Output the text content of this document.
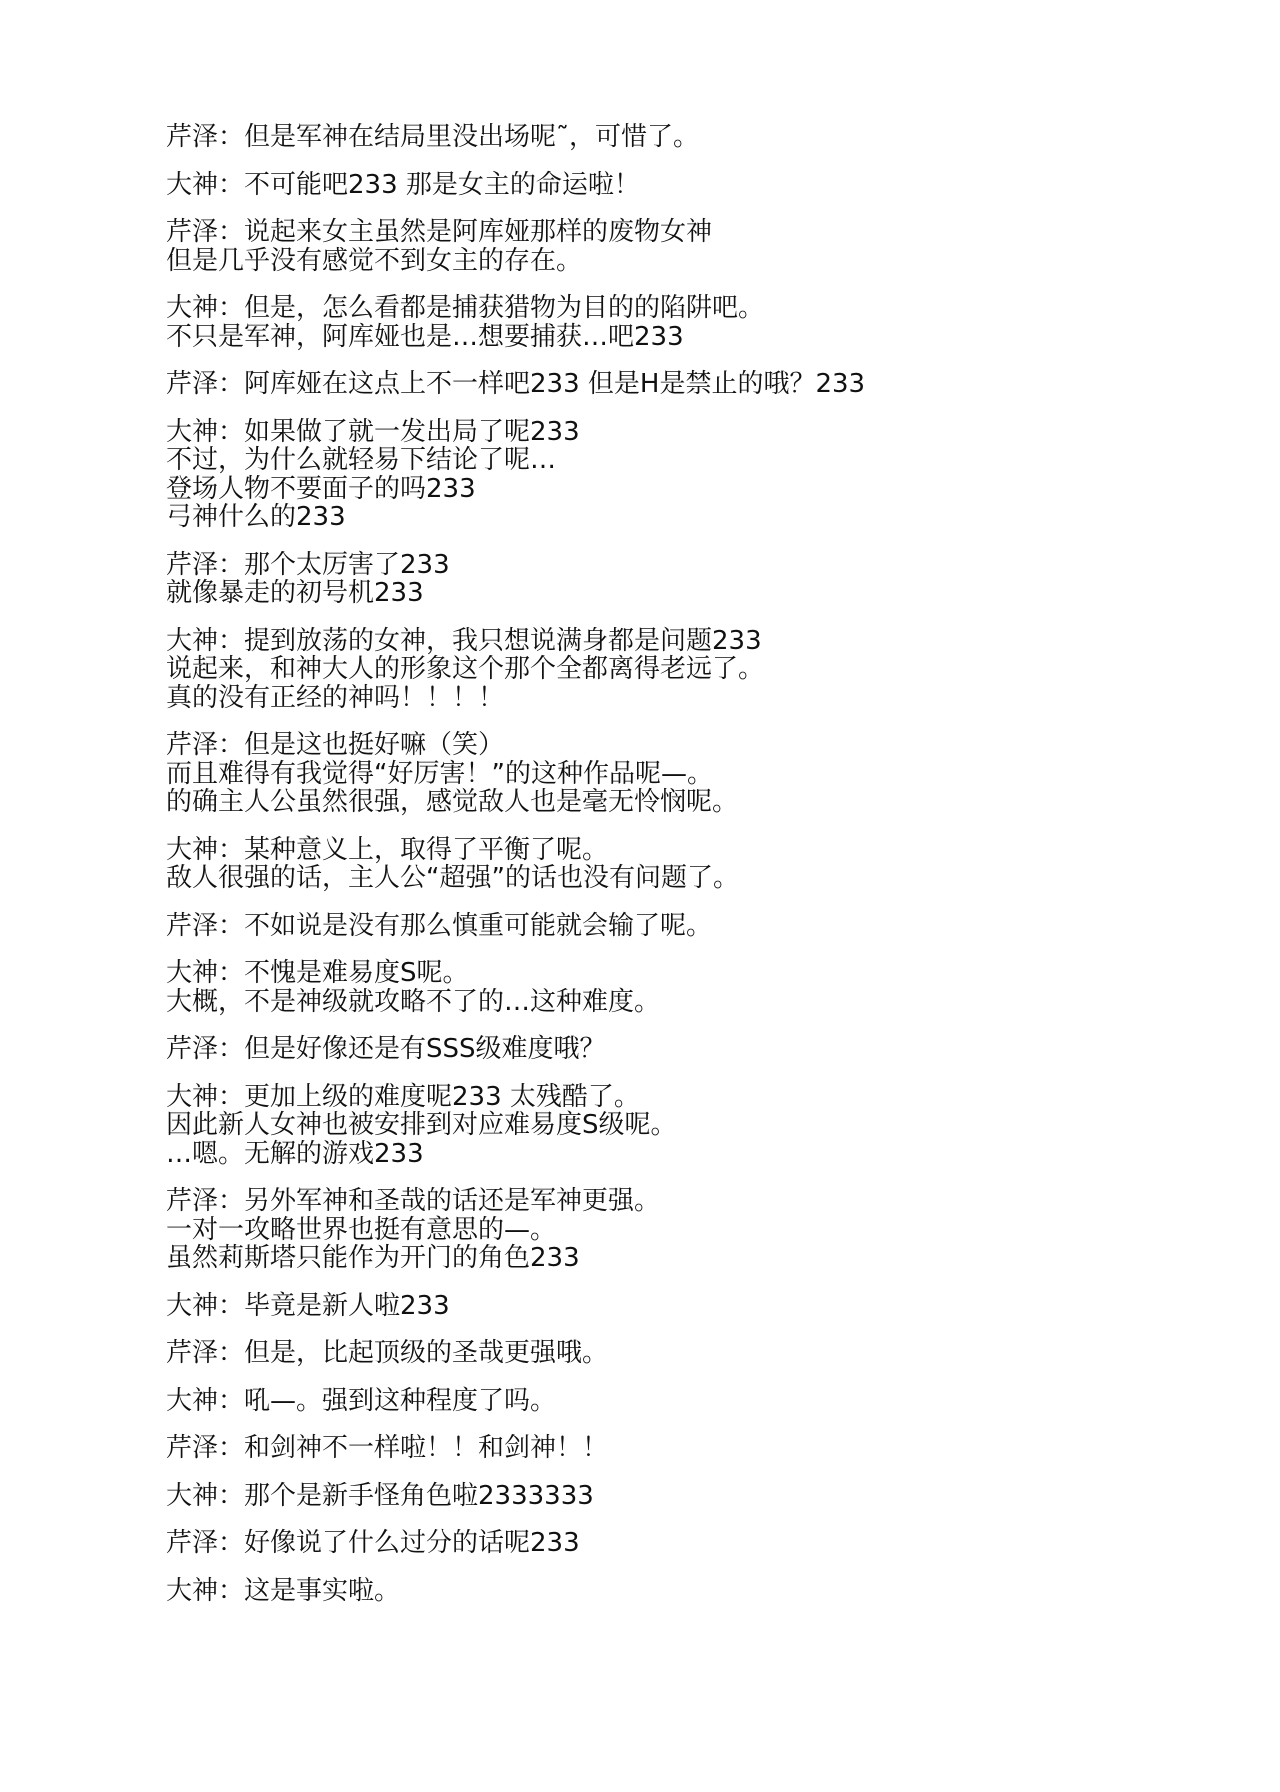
芹泽：但是军神在结局里没出场呢˜，可惜了。
大神：不可能吧233 那是女主的命运啦！
芹泽：说起来女主虽然是阿库娅那样的废物女神
但是几乎没有感觉不到女主的存在。
大神：但是，怎么看都是捕获猎物为目的的陷阱吧。
不只是军神，阿库娅也是…想要捕获…吧233
芹泽：阿库娅在这点上不一样吧233 但是H是禁止的哦？233
大神：如果做了就一发出局了呢233
不过，为什么就轻易下结论了呢…
登场人物不要面子的吗233
弓神什么的233
芹泽：那个太厉害了233
就像暴走的初号机233
大神：提到放荡的女神，我只想说满身都是问题233
说起来，和神大人的形象这个那个全都离得老远了。
真的没有正经的神吗！！！！
芹泽：但是这也挺好嘛（笑）
而且难得有我觉得“好厉害！”的这种作品呢—。
的确主人公虽然很强，感觉敌人也是毫无怜悯呢。
大神：某种意义上，取得了平衡了呢。
敌人很强的话，主人公“超强”的话也没有问题了。
芹泽：不如说是没有那么慎重可能就会输了呢。
大神：不愧是难易度S呢。
大概，不是神级就攻略不了的…这种难度。
芹泽：但是好像还是有SSS级难度哦？
大神：更加上级的难度呢233 太残酷了。
因此新人女神也被安排到对应难易度S级呢。
…嗯。无解的游戏233
芹泽：另外军神和圣哉的话还是军神更强。
一对一攻略世界也挺有意思的—。
虽然莉斯塔只能作为开门的角色233
大神：毕竟是新人啦233
芹泽：但是，比起顶级的圣哉更强哦。
大神：吼—。强到这种程度了吗。
芹泽：和剑神不一样啦！！和剑神！！
大神：那个是新手怪角色啦2333333
芹泽：好像说了什么过分的话呢233
大神：这是事实啦。
